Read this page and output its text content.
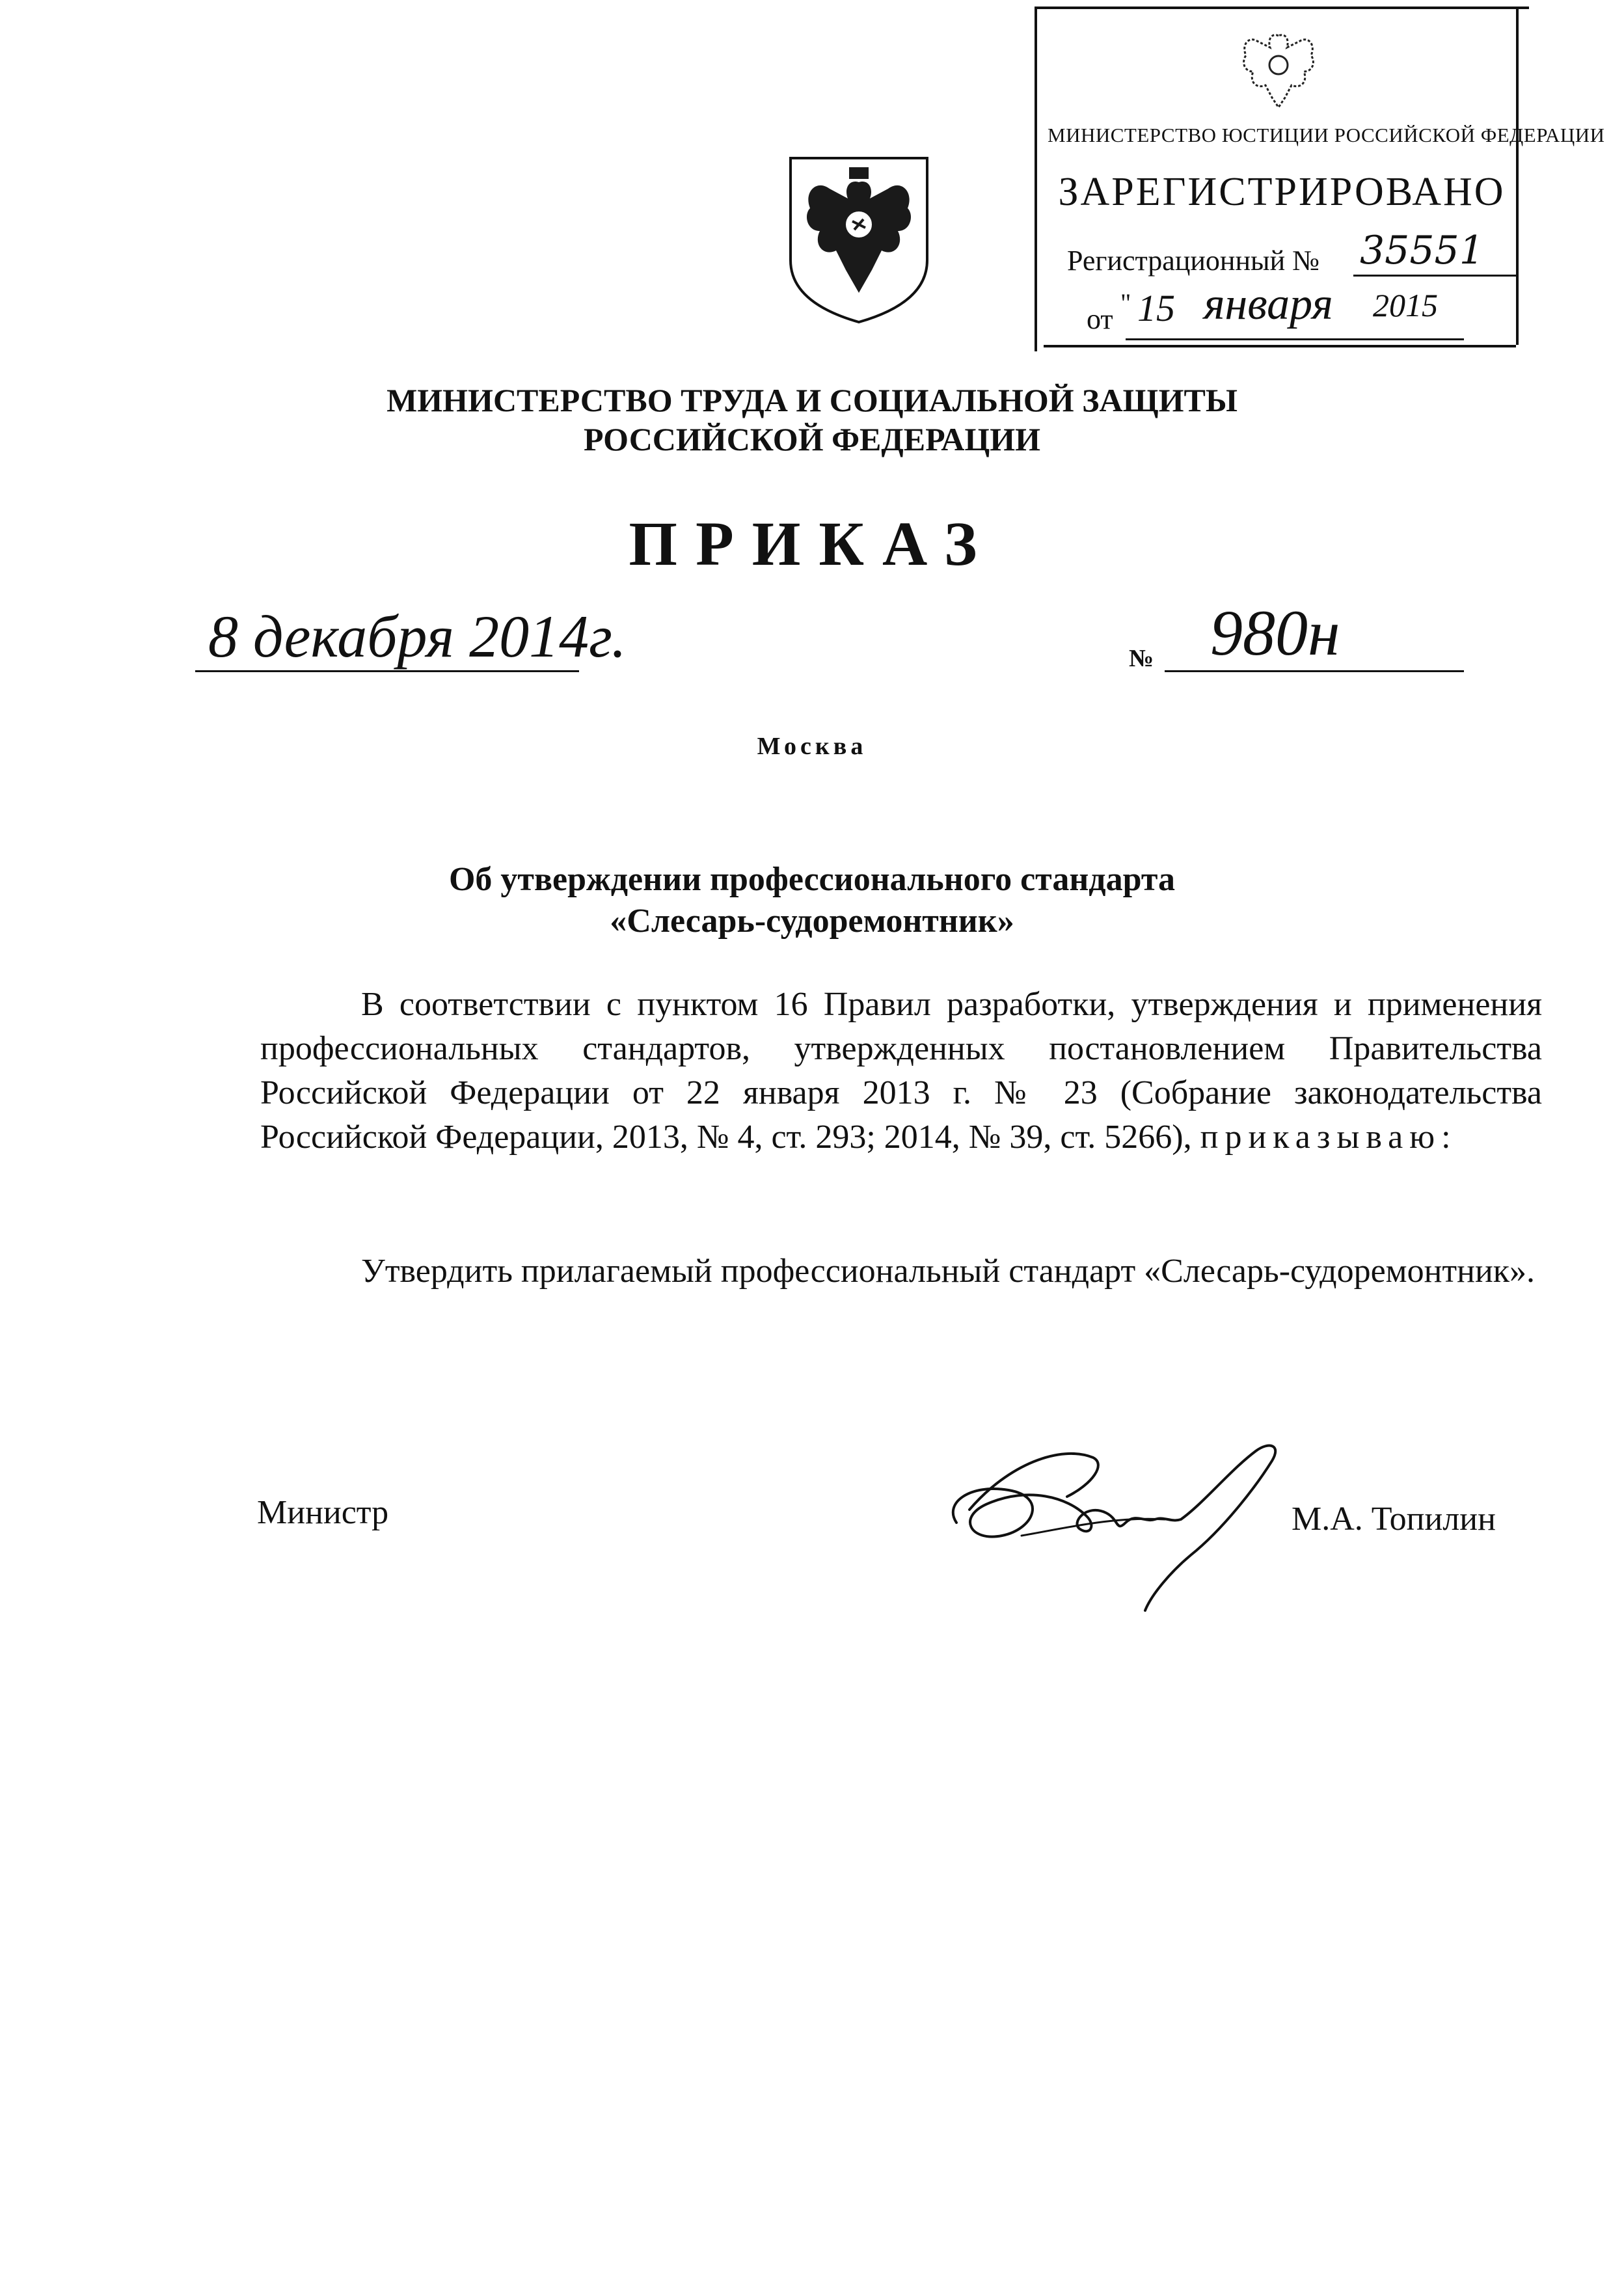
МИНИСТЕРСТВО ЮСТИЦИИ РОССИЙСКОЙ ФЕДЕРАЦИИ
ЗАРЕГИСТРИРОВАНО
Регистрационный № 35551
от
" 15 января 2015
МИНИСТЕРСТВО ТРУДА И СОЦИАЛЬНОЙ ЗАЩИТЫ
РОССИЙСКОЙ ФЕДЕРАЦИИ
ПРИКАЗ
8 декабря 2014г.	№ 980н
Москва
Об утверждении профессионального стандарта
«Слесарь-судоремонтник»
В соответствии с пунктом 16 Правил разработки, утверждения и применения профессиональных стандартов, утвержденных постановлением Правительства Российской Федерации от 22 января 2013 г. № 23 (Собрание законодательства Российской Федерации, 2013, № 4, ст. 293; 2014, № 39, ст. 5266), приказываю:
Утвердить прилагаемый профессиональный стандарт «Слесарь-судоремонтник».
Министр	М.А. Топилин
